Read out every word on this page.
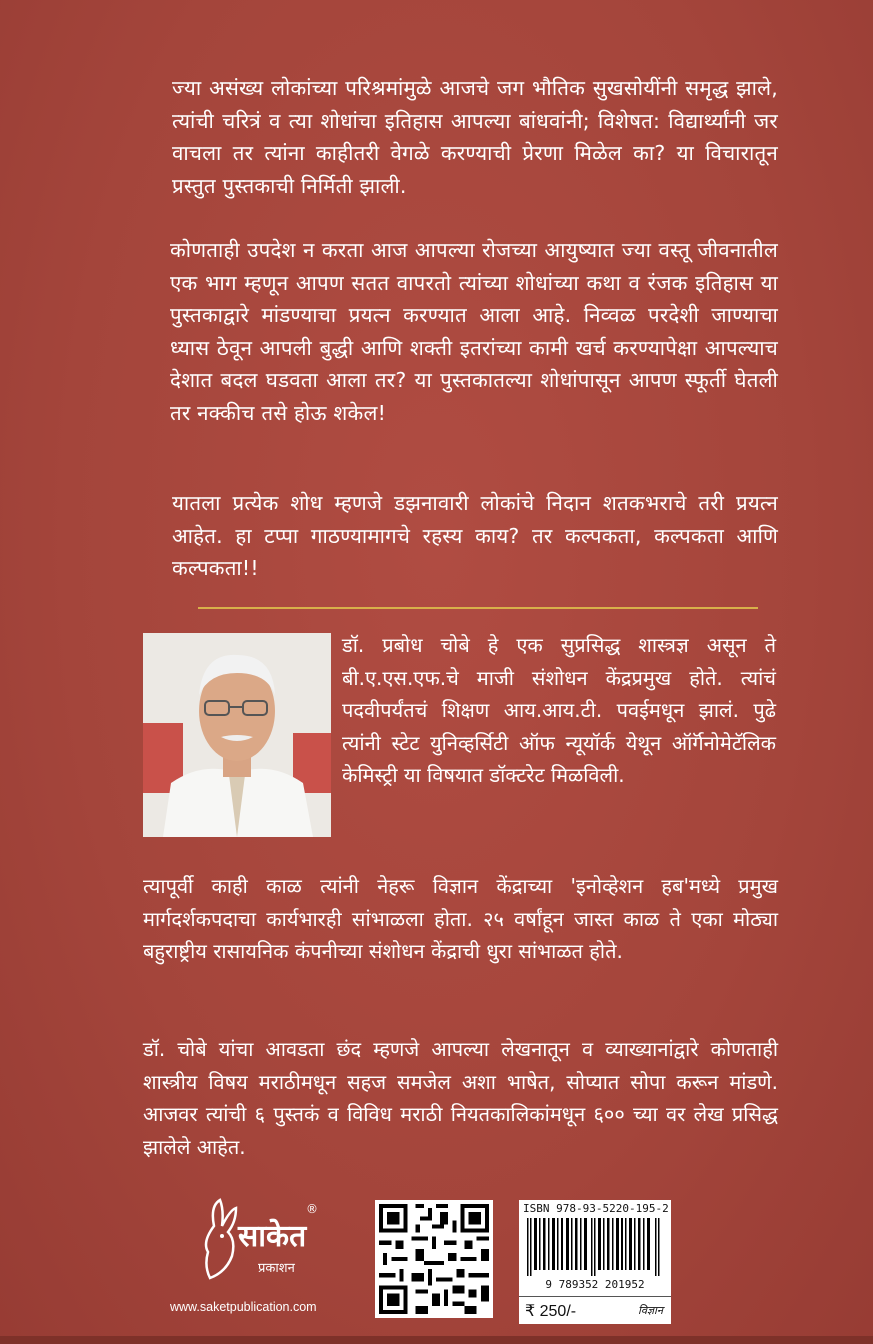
ज्या असंख्य लोकांच्या परिश्रमांमुळे आजचे जग भौतिक सुखसोयींनी समृद्ध झाले, त्यांची चरित्रं व त्या शोधांचा इतिहास आपल्या बांधवांनी; विशेषत: विद्यार्थ्यांनी जर वाचला तर त्यांना काहीतरी वेगळे करण्याची प्रेरणा मिळेल का? या विचारातून प्रस्तुत पुस्तकाची निर्मिती झाली.

कोणताही उपदेश न करता आज आपल्या रोजच्या आयुष्यात ज्या वस्तू जीवनातील एक भाग म्हणून आपण सतत वापरतो त्यांच्या शोधांच्या कथा व रंजक इतिहास या पुस्तकाद्वारे मांडण्याचा प्रयत्न करण्यात आला आहे. निव्वळ परदेशी जाण्याचा ध्यास ठेवून आपली बुद्धी आणि शक्ती इतरांच्या कामी खर्च करण्यापेक्षा आपल्याच देशात बदल घडवता आला तर? या पुस्तकातल्या शोधांपासून आपण स्फूर्ती घेतली तर नक्कीच तसे होऊ शकेल!

यातला प्रत्येक शोध म्हणजे डझनावारी लोकांचे निदान शतकभराचे तरी प्रयत्न आहेत. हा टप्पा गाठण्यामागचे रहस्य काय? तर कल्पकता, कल्पकता आणि कल्पकता!!

डॉ. प्रबोध चोबे हे एक सुप्रसिद्ध शास्त्रज्ञ असून ते बी.ए.एस.एफ.चे माजी संशोधन केंद्रप्रमुख होते. त्यांचं पदवीपर्यंतचं शिक्षण आय.आय.टी. पवईमधून झालं. पुढे त्यांनी स्टेट युनिव्हर्सिटी ऑफ न्यूयॉर्क येथून ऑर्गॅनोमेटॅलिक केमिस्ट्री या विषयात डॉक्टरेट मिळविली.

त्यापूर्वी काही काळ त्यांनी नेहरू विज्ञान केंद्राच्या 'इनोव्हेशन हब'मध्ये प्रमुख मार्गदर्शकपदाचा कार्यभारही सांभाळला होता. २५ वर्षांहून जास्त काळ ते एका मोठ्या बहुराष्ट्रीय रासायनिक कंपनीच्या संशोधन केंद्राची धुरा सांभाळत होते.

डॉ. चोबे यांचा आवडता छंद म्हणजे आपल्या लेखनातून व व्याख्यानांद्वारे कोणताही शास्त्रीय विषय मराठीमधून सहज समजेल अशा भाषेत, सोप्यात सोपा करून मांडणे. आजवर त्यांची ६ पुस्तकं व विविध मराठी नियतकालिकांमधून ६०० च्या वर लेख प्रसिद्ध झालेले आहेत.

साकेत
®
प्रकाशन
www.saketpublication.com
ISBN 978-93-5220-195-2
9 789352 201952
₹ 250/-	विज्ञान
